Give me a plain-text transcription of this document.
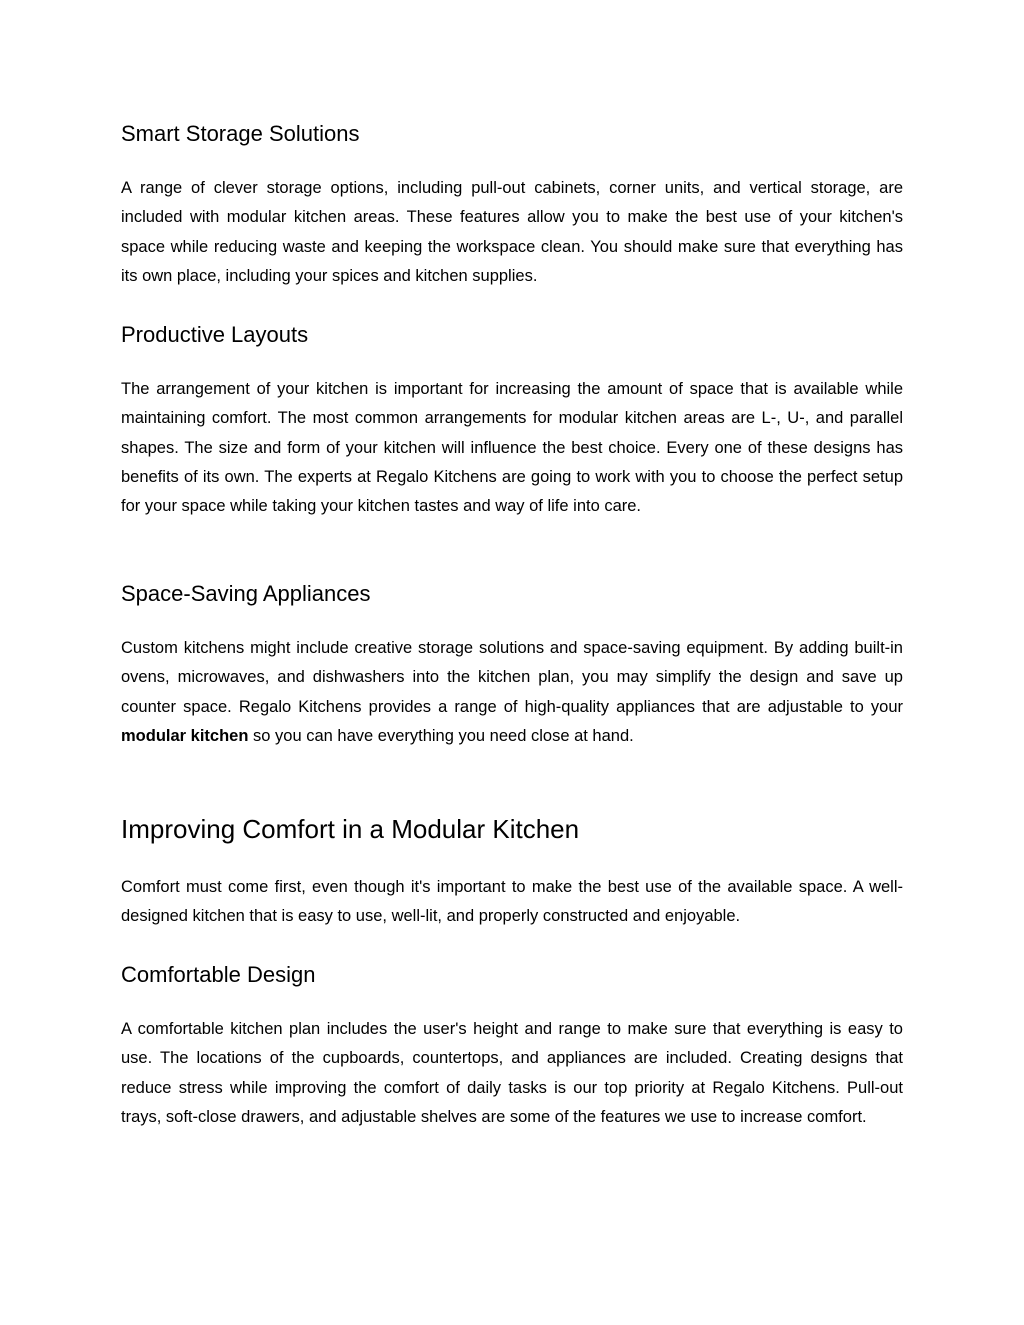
Smart Storage Solutions

A range of clever storage options, including pull-out cabinets, corner units, and vertical storage, are included with modular kitchen areas. These features allow you to make the best use of your kitchen's space while reducing waste and keeping the workspace clean. You should make sure that everything has its own place, including your spices and kitchen supplies.

Productive Layouts

The arrangement of your kitchen is important for increasing the amount of space that is available while maintaining comfort. The most common arrangements for modular kitchen areas are L-, U-, and parallel shapes. The size and form of your kitchen will influence the best choice. Every one of these designs has benefits of its own. The experts at Regalo Kitchens are going to work with you to choose the perfect setup for your space while taking your kitchen tastes and way of life into care.

Space-Saving Appliances

Custom kitchens might include creative storage solutions and space-saving equipment. By adding built-in ovens, microwaves, and dishwashers into the kitchen plan, you may simplify the design and save up counter space. Regalo Kitchens provides a range of high-quality appliances that are adjustable to your modular kitchen so you can have everything you need close at hand.

Improving Comfort in a Modular Kitchen

Comfort must come first, even though it's important to make the best use of the available space. A well-designed kitchen that is easy to use, well-lit, and properly constructed and enjoyable.

Comfortable Design

A comfortable kitchen plan includes the user's height and range to make sure that everything is easy to use. The locations of the cupboards, countertops, and appliances are included. Creating designs that reduce stress while improving the comfort of daily tasks is our top priority at Regalo Kitchens. Pull-out trays, soft-close drawers, and adjustable shelves are some of the features we use to increase comfort.
